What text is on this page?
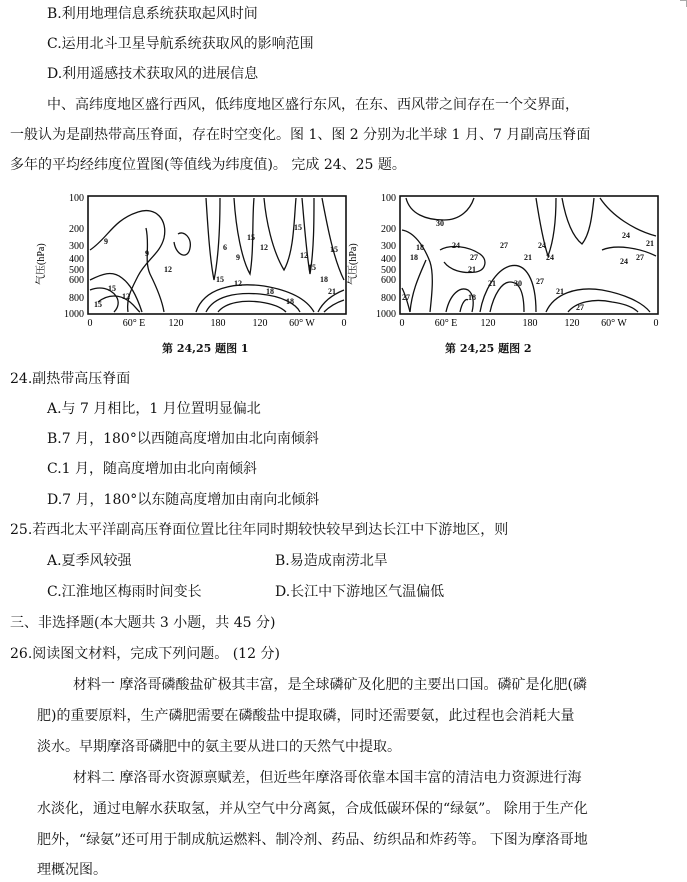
B.利用地理信息系统获取起风时间
C.运用北斗卫星导航系统获取风的影响范围
D.利用遥感技术获取风的进展信息
中、高纬度地区盛行西风，低纬度地区盛行东风，在东、西风带之间存在一个交界面，
一般认为是副热带高压脊面，存在时空变化。图 1、图 2 分别为北半球 1 月、7 月副高压脊面
多年的平均经纬度位置图(等值线为纬度值)。 完成 24、25 题。
气压(hPa)
100
200
300
400
500
600
800
1000
9
9
12
15
12
15
6
15
9
12
15
12
15
18
15 12
15
18
21
18
0	60° E 120	180	120 60° W	0
第 24,25 题图 1
气压(hPa)
100
200
300
400
500
600
800
1000
30
27
24
18
21
27
24
24
21
18
27
24
21
27
24
21 30 27
27
18
21
0	60° E 120	180	120 60° W	0
第 24,25 题图 2
24.副热带高压脊面
A.与 7 月相比，1 月位置明显偏北
B.7 月，180°以西随高度增加由北向南倾斜
C.1 月，随高度增加由北向南倾斜
D.7 月，180°以东随高度增加由南向北倾斜
25.若西北太平洋副高压脊面位置比往年同时期较快较早到达长江中下游地区，则
A.夏季风较强	B.易造成南涝北旱
C.江淮地区梅雨时间变长	D.长江中下游地区气温偏低
三、非选择题(本大题共 3 小题，共 45 分)
26.阅读图文材料，完成下列问题。 (12 分)
材料一 摩洛哥磷酸盐矿极其丰富，是全球磷矿及化肥的主要出口国。磷矿是化肥(磷
肥)的重要原料，生产磷肥需要在磷酸盐中提取磷，同时还需要氨，此过程也会消耗大量
淡水。早期摩洛哥磷肥中的氨主要从进口的天然气中提取。
材料二 摩洛哥水资源禀赋差，但近些年摩洛哥依靠本国丰富的清洁电力资源进行海
水淡化，通过电解水获取氢，并从空气中分离氮，合成低碳环保的“绿氨”。 除用于生产化
肥外，“绿氨”还可用于制成航运燃料、制冷剂、药品、纺织品和炸药等。 下图为摩洛哥地
理概况图。
